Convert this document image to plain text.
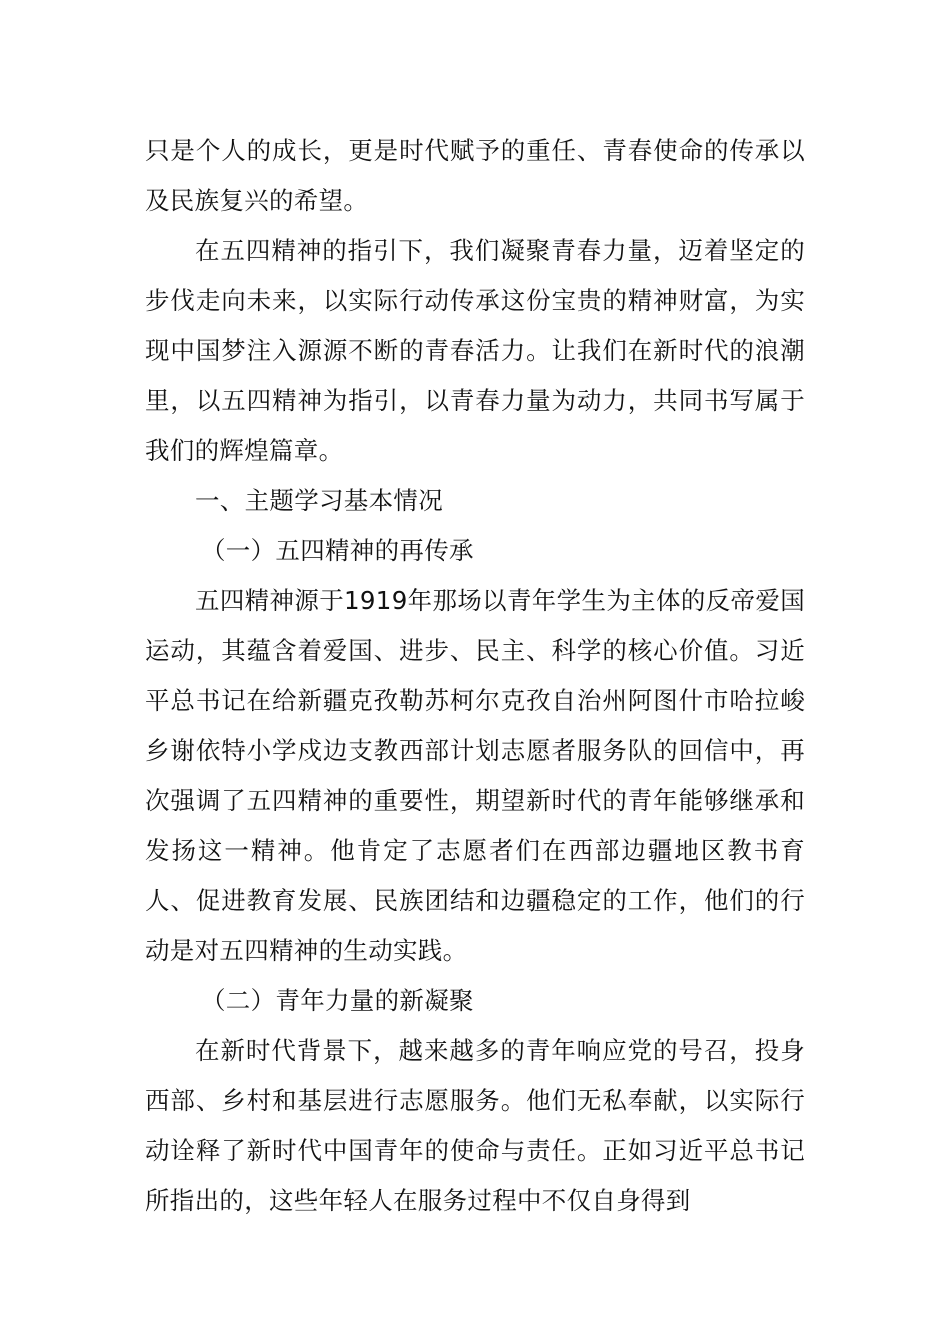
只是个人的成长，更是时代赋予的重任、青春使命的传承以及民族复兴的希望。

在五四精神的指引下，我们凝聚青春力量，迈着坚定的步伐走向未来，以实际行动传承这份宝贵的精神财富，为实现中国梦注入源源不断的青春活力。让我们在新时代的浪潮里，以五四精神为指引，以青春力量为动力，共同书写属于我们的辉煌篇章。

一、主题学习基本情况

（一）五四精神的再传承

五四精神源于1919年那场以青年学生为主体的反帝爱国运动，其蕴含着爱国、进步、民主、科学的核心价值。习近平总书记在给新疆克孜勒苏柯尔克孜自治州阿图什市哈拉峻乡谢依特小学戍边支教西部计划志愿者服务队的回信中，再次强调了五四精神的重要性，期望新时代的青年能够继承和发扬这一精神。他肯定了志愿者们在西部边疆地区教书育人、促进教育发展、民族团结和边疆稳定的工作，他们的行动是对五四精神的生动实践。

（二）青年力量的新凝聚

在新时代背景下，越来越多的青年响应党的号召，投身西部、乡村和基层进行志愿服务。他们无私奉献，以实际行动诠释了新时代中国青年的使命与责任。正如习近平总书记所指出的，这些年轻人在服务过程中不仅自身得到
